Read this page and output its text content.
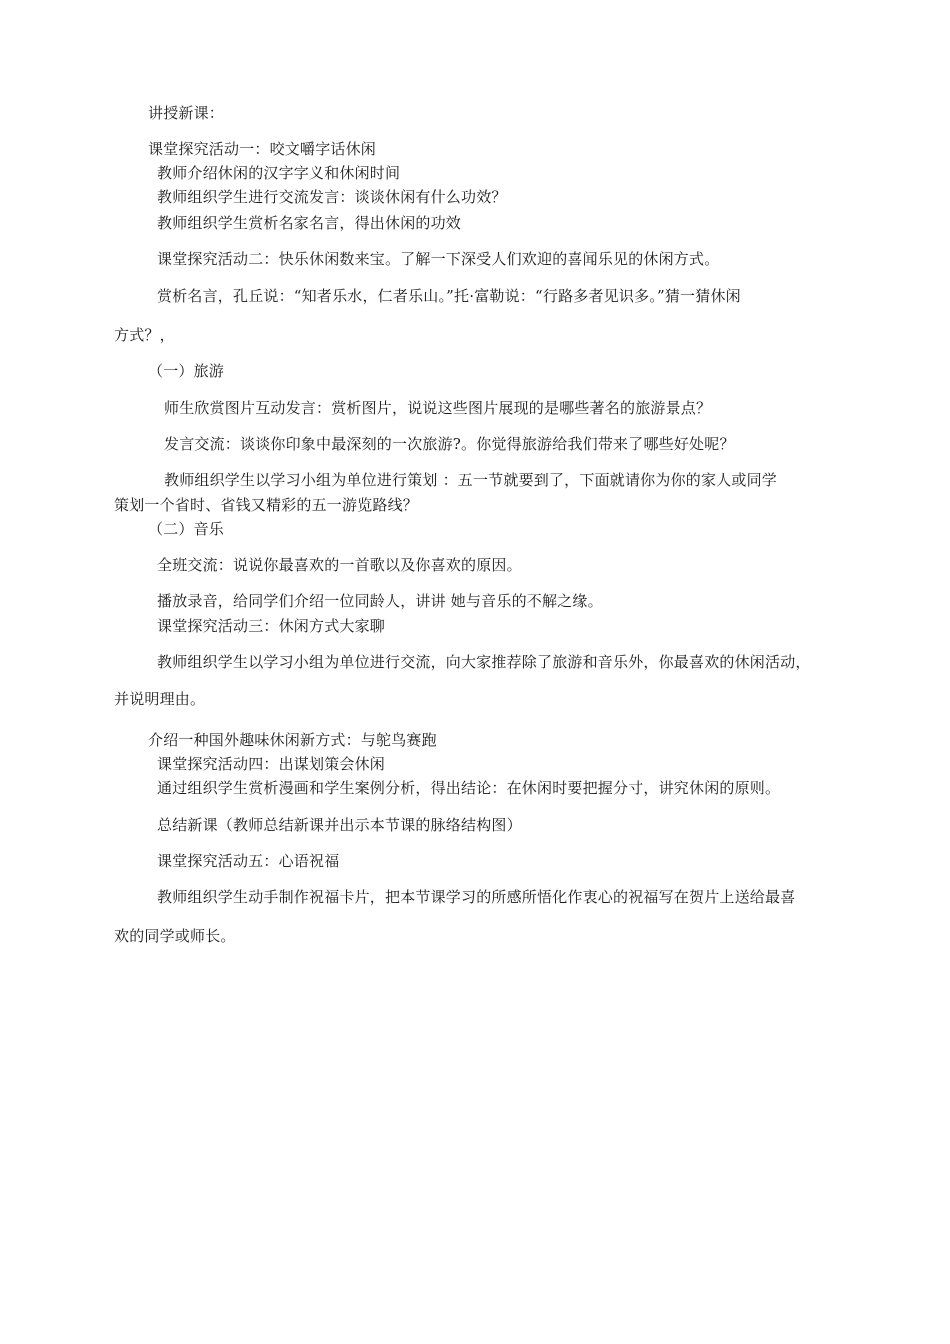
讲授新课：
课堂探究活动一：咬文嚼字话休闲
教师介绍休闲的汉字字义和休闲时间
教师组织学生进行交流发言：谈谈休闲有什么功效？
教师组织学生赏析名家名言，得出休闲的功效
课堂探究活动二：快乐休闲数来宝。了解一下深受人们欢迎的喜闻乐见的休闲方式。
赏析名言，孔丘说：“知者乐水，仁者乐山。”托·富勒说：“行路多者见识多。”猜一猜休闲
方式？，
（一）旅游
师生欣赏图片互动发言：赏析图片，说说这些图片展现的是哪些著名的旅游景点？
发言交流：谈谈你印象中最深刻的一次旅游?。你觉得旅游给我们带来了哪些好处呢？
教师组织学生以学习小组为单位进行策划 ：五一节就要到了，下面就请你为你的家人或同学
策划一个省时、省钱又精彩的五一游览路线？
（二）音乐
全班交流：说说你最喜欢的一首歌以及你喜欢的原因。
播放录音，给同学们介绍一位同龄人，讲讲 她与音乐的不解之缘。
课堂探究活动三：休闲方式大家聊
教师组织学生以学习小组为单位进行交流，向大家推荐除了旅游和音乐外，你最喜欢的休闲活动，
并说明理由。
介绍一种国外趣味休闲新方式：与鸵鸟赛跑
课堂探究活动四：出谋划策会休闲
通过组织学生赏析漫画和学生案例分析，得出结论：在休闲时要把握分寸，讲究休闲的原则。
总结新课（教师总结新课并出示本节课的脉络结构图）
课堂探究活动五：心语祝福
教师组织学生动手制作祝福卡片，把本节课学习的所感所悟化作衷心的祝福写在贺片上送给最喜
欢的同学或师长。
